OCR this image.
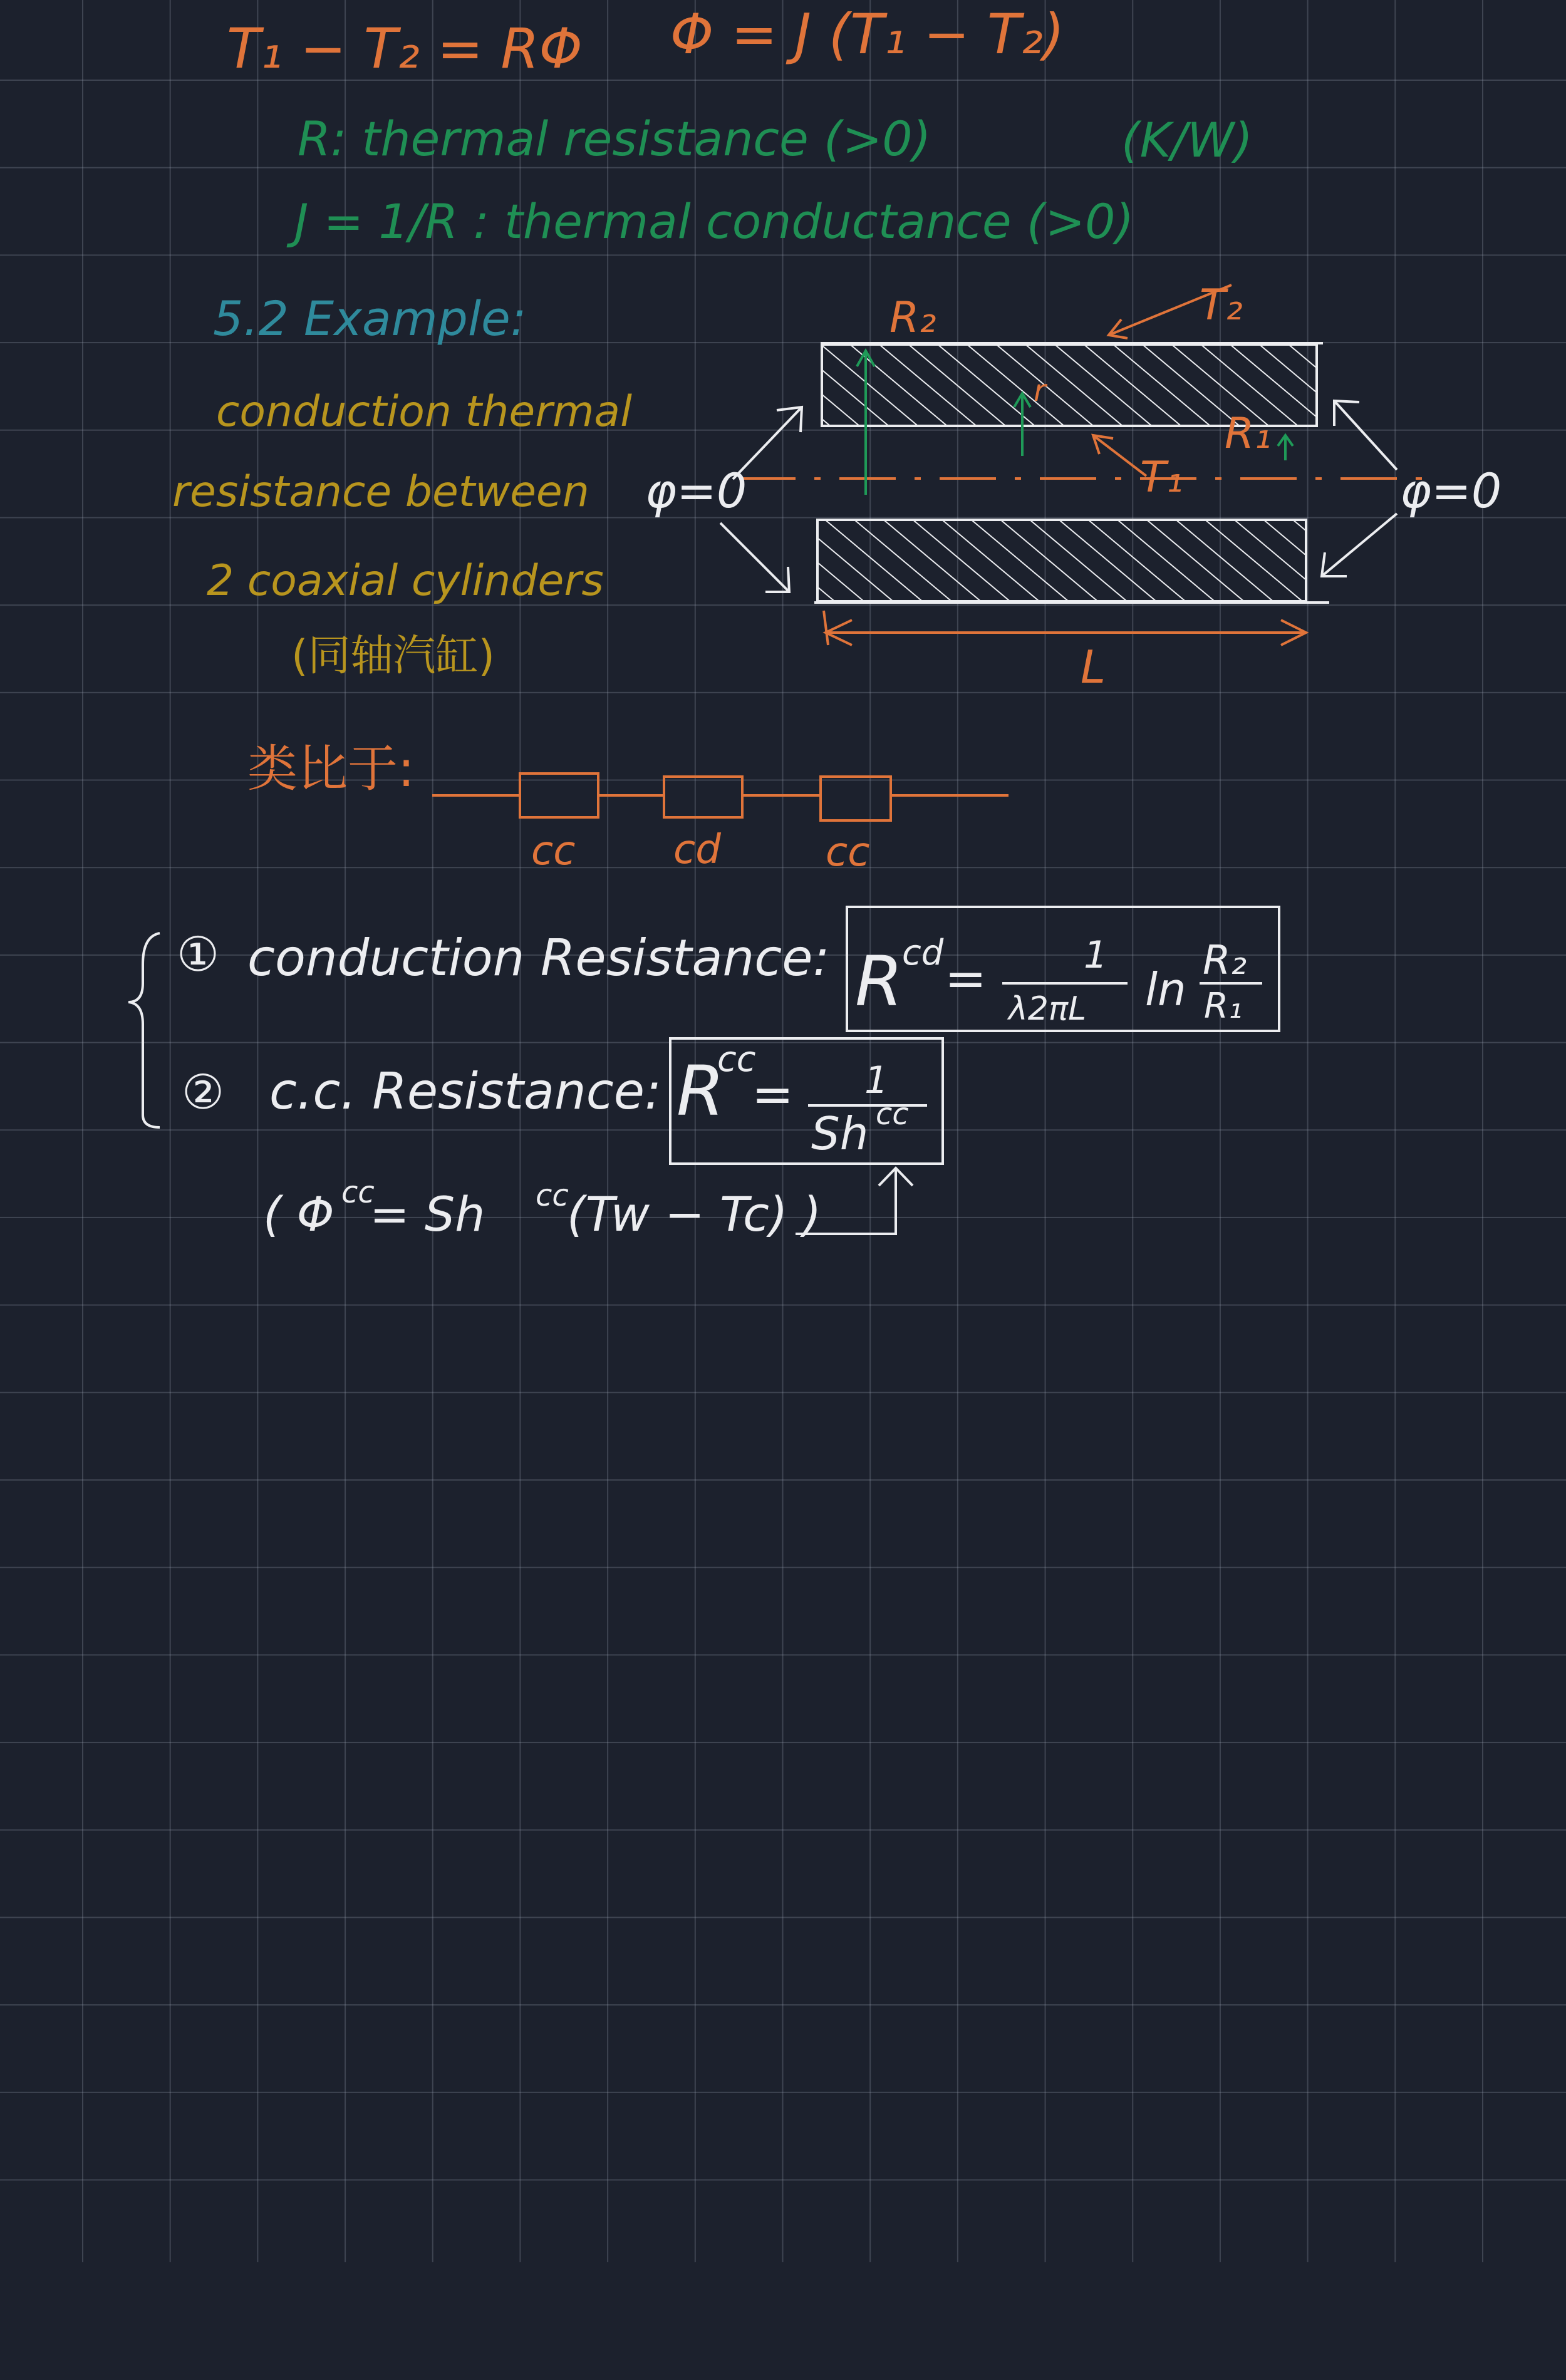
T₁ − T₂ = RΦ Φ = J (T₁ − T₂)
R: thermal resistance (>0)	(K/W)
J = 1/R : thermal conductance (>0)
5.2 Example:
conduction thermal
resistance between
2 coaxial cylinders
(同轴汽缸)
R₂	T₂
r
R₁
T₁
φ=0	φ=0
L
类比于:
cc cd	cc
① conduction Resistance: R
cd =	1
λ2πL ln
R₂
R₁
② c.c. Resistance: R
cc
= 1
Sh cc
( Φ cc
= Sh cc
(Tw − Tc) )
